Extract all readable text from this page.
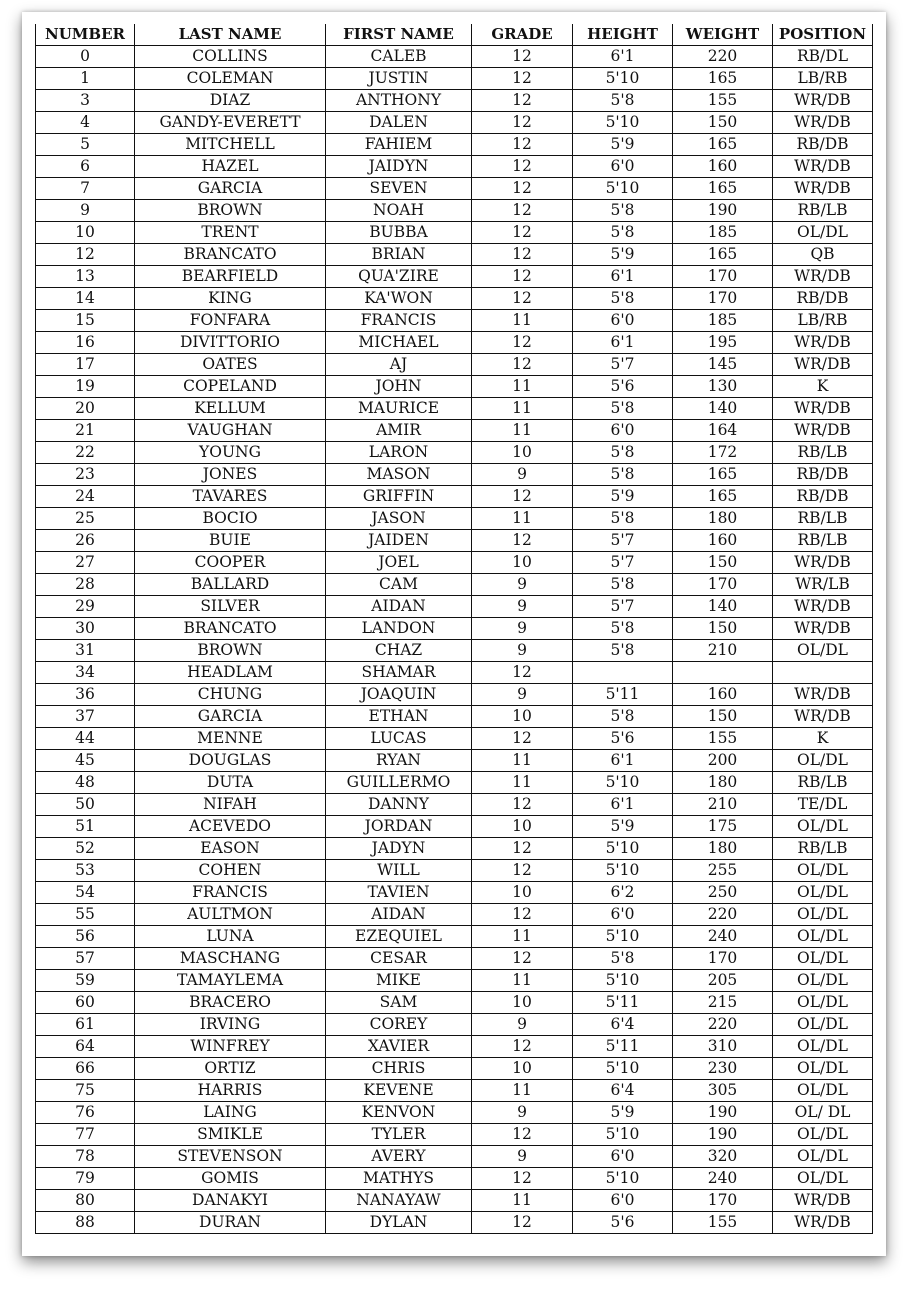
NUMBER	LAST NAME	FIRST NAME	GRADE	HEIGHT	WEIGHT	POSITION
0	COLLINS	CALEB	12	6'1	220	RB/DL
1	COLEMAN	JUSTIN	12	5'10	165	LB/RB
3	DIAZ	ANTHONY	12	5'8	155	WR/DB
4	GANDY-EVERETT	DALEN	12	5'10	150	WR/DB
5	MITCHELL	FAHIEM	12	5'9	165	RB/DB
6	HAZEL	JAIDYN	12	6'0	160	WR/DB
7	GARCIA	SEVEN	12	5'10	165	WR/DB
9	BROWN	NOAH	12	5'8	190	RB/LB
10	TRENT	BUBBA	12	5'8	185	OL/DL
12	BRANCATO	BRIAN	12	5'9	165	QB
13	BEARFIELD	QUA'ZIRE	12	6'1	170	WR/DB
14	KING	KA'WON	12	5'8	170	RB/DB
15	FONFARA	FRANCIS	11	6'0	185	LB/RB
16	DIVITTORIO	MICHAEL	12	6'1	195	WR/DB
17	OATES	AJ	12	5'7	145	WR/DB
19	COPELAND	JOHN	11	5'6	130	K
20	KELLUM	MAURICE	11	5'8	140	WR/DB
21	VAUGHAN	AMIR	11	6'0	164	WR/DB
22	YOUNG	LARON	10	5'8	172	RB/LB
23	JONES	MASON	9	5'8	165	RB/DB
24	TAVARES	GRIFFIN	12	5'9	165	RB/DB
25	BOCIO	JASON	11	5'8	180	RB/LB
26	BUIE	JAIDEN	12	5'7	160	RB/LB
27	COOPER	JOEL	10	5'7	150	WR/DB
28	BALLARD	CAM	9	5'8	170	WR/LB
29	SILVER	AIDAN	9	5'7	140	WR/DB
30	BRANCATO	LANDON	9	5'8	150	WR/DB
31	BROWN	CHAZ	9	5'8	210	OL/DL
34	HEADLAM	SHAMAR	12			
36	CHUNG	JOAQUIN	9	5'11	160	WR/DB
37	GARCIA	ETHAN	10	5'8	150	WR/DB
44	MENNE	LUCAS	12	5'6	155	K
45	DOUGLAS	RYAN	11	6'1	200	OL/DL
48	DUTA	GUILLERMO	11	5'10	180	RB/LB
50	NIFAH	DANNY	12	6'1	210	TE/DL
51	ACEVEDO	JORDAN	10	5'9	175	OL/DL
52	EASON	JADYN	12	5'10	180	RB/LB
53	COHEN	WILL	12	5'10	255	OL/DL
54	FRANCIS	TAVIEN	10	6'2	250	OL/DL
55	AULTMON	AIDAN	12	6'0	220	OL/DL
56	LUNA	EZEQUIEL	11	5'10	240	OL/DL
57	MASCHANG	CESAR	12	5'8	170	OL/DL
59	TAMAYLEMA	MIKE	11	5'10	205	OL/DL
60	BRACERO	SAM	10	5'11	215	OL/DL
61	IRVING	COREY	9	6'4	220	OL/DL
64	WINFREY	XAVIER	12	5'11	310	OL/DL
66	ORTIZ	CHRIS	10	5'10	230	OL/DL
75	HARRIS	KEVENE	11	6'4	305	OL/DL
76	LAING	KENVON	9	5'9	190	OL/ DL
77	SMIKLE	TYLER	12	5'10	190	OL/DL
78	STEVENSON	AVERY	9	6'0	320	OL/DL
79	GOMIS	MATHYS	12	5'10	240	OL/DL
80	DANAKYI	NANAYAW	11	6'0	170	WR/DB
88	DURAN	DYLAN	12	5'6	155	WR/DB
